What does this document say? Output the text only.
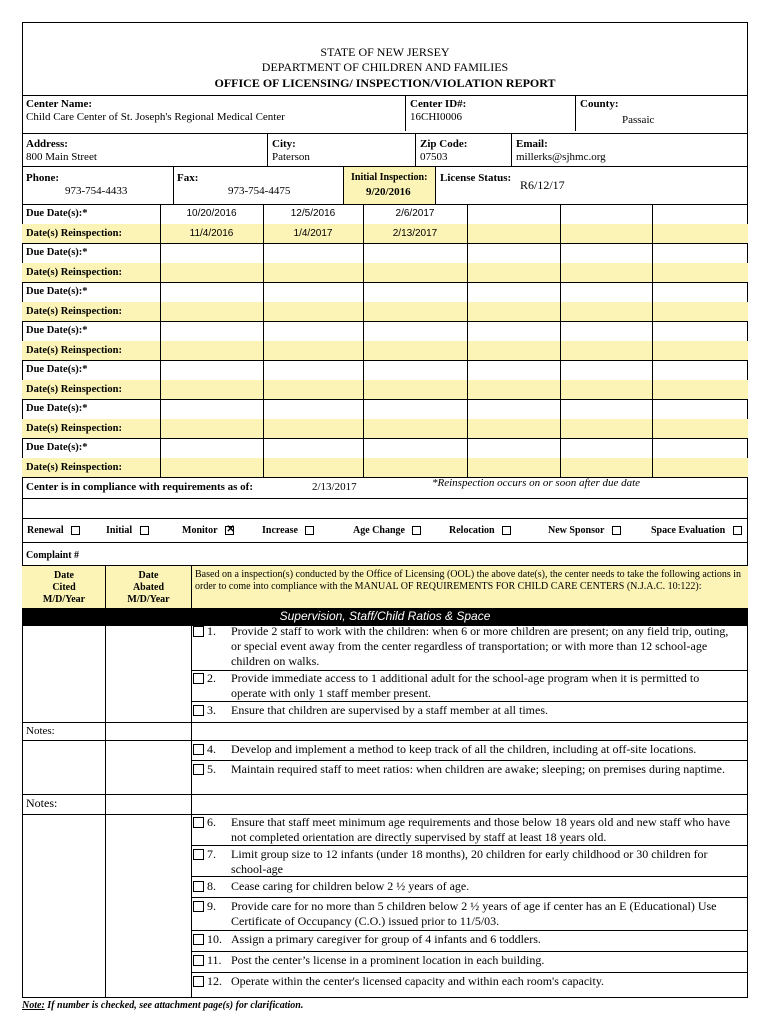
STATE OF NEW JERSEY
DEPARTMENT OF CHILDREN AND FAMILIES
OFFICE OF LICENSING/ INSPECTION/VIOLATION REPORT
Center Name:
Child Care Center of St. Joseph's Regional Medical Center
Center ID#:
16CHI0006
County:
Passaic
Address:
800 Main Street
City:
Paterson
Zip Code:
07503
Email:
millerks@sjhmc.org
Phone:
973-754-4433
Fax:
973-754-4475
Initial Inspection:
9/20/2016
License Status: R6/12/17
Due Date(s):*	10/20/2016	12/5/2016	2/6/2017
Date(s) Reinspection:	11/4/2016	1/4/2017	2/13/2017
Due Date(s):*
Date(s) Reinspection:
Due Date(s):*
Date(s) Reinspection:
Due Date(s):*
Date(s) Reinspection:
Due Date(s):*
Date(s) Reinspection:
Due Date(s):*
Date(s) Reinspection:
Due Date(s):*
Date(s) Reinspection:
Center is in compliance with requirements as of:	2/13/2017	*Reinspection occurs on or soon after due date
Renewal	Initial	Monitor ✕	Increase	Age Change	Relocation	New Sponsor	Space Evaluation
Complaint #
Date
Cited
M/D/Year
Date
Abated
M/D/Year
Based on a inspection(s) conducted by the Office of Licensing (OOL) the above date(s), the center needs to take the following actions in order to come into compliance with the MANUAL OF REQUIREMENTS FOR CHILD CARE CENTERS (N.J.A.C. 10:122):
Supervision, Staff/Child Ratios & Space
Notes:
Notes:
1. Provide 2 staff to work with the children: when 6 or more children are present; on any field trip, outing, or special event away from the center regardless of transportation; or with more than 12 school-age children on walks.
2. Provide immediate access to 1 additional adult for the school-age program when it is permitted to operate with only 1 staff member present.
3. Ensure that children are supervised by a staff member at all times.
4. Develop and implement a method to keep track of all the children, including at off-site locations.
5. Maintain required staff to meet ratios: when children are awake; sleeping; on premises during naptime.
6. Ensure that staff meet minimum age requirements and those below 18 years old and new staff who have not completed orientation are directly supervised by staff at least 18 years old.
7. Limit group size to 12 infants (under 18 months), 20 children for early childhood or 30 children for school-age
8. Cease caring for children below 2 ½ years of age.
9. Provide care for no more than 5 children below 2 ½ years of age if center has an E (Educational) Use Certificate of Occupancy (C.O.) issued prior to 11/5/03.
10. Assign a primary caregiver for group of 4 infants and 6 toddlers.
11. Post the center’s license in a prominent location in each building.
12. Operate within the center's licensed capacity and within each room's capacity.
Note: If number is checked, see attachment page(s) for clarification.
